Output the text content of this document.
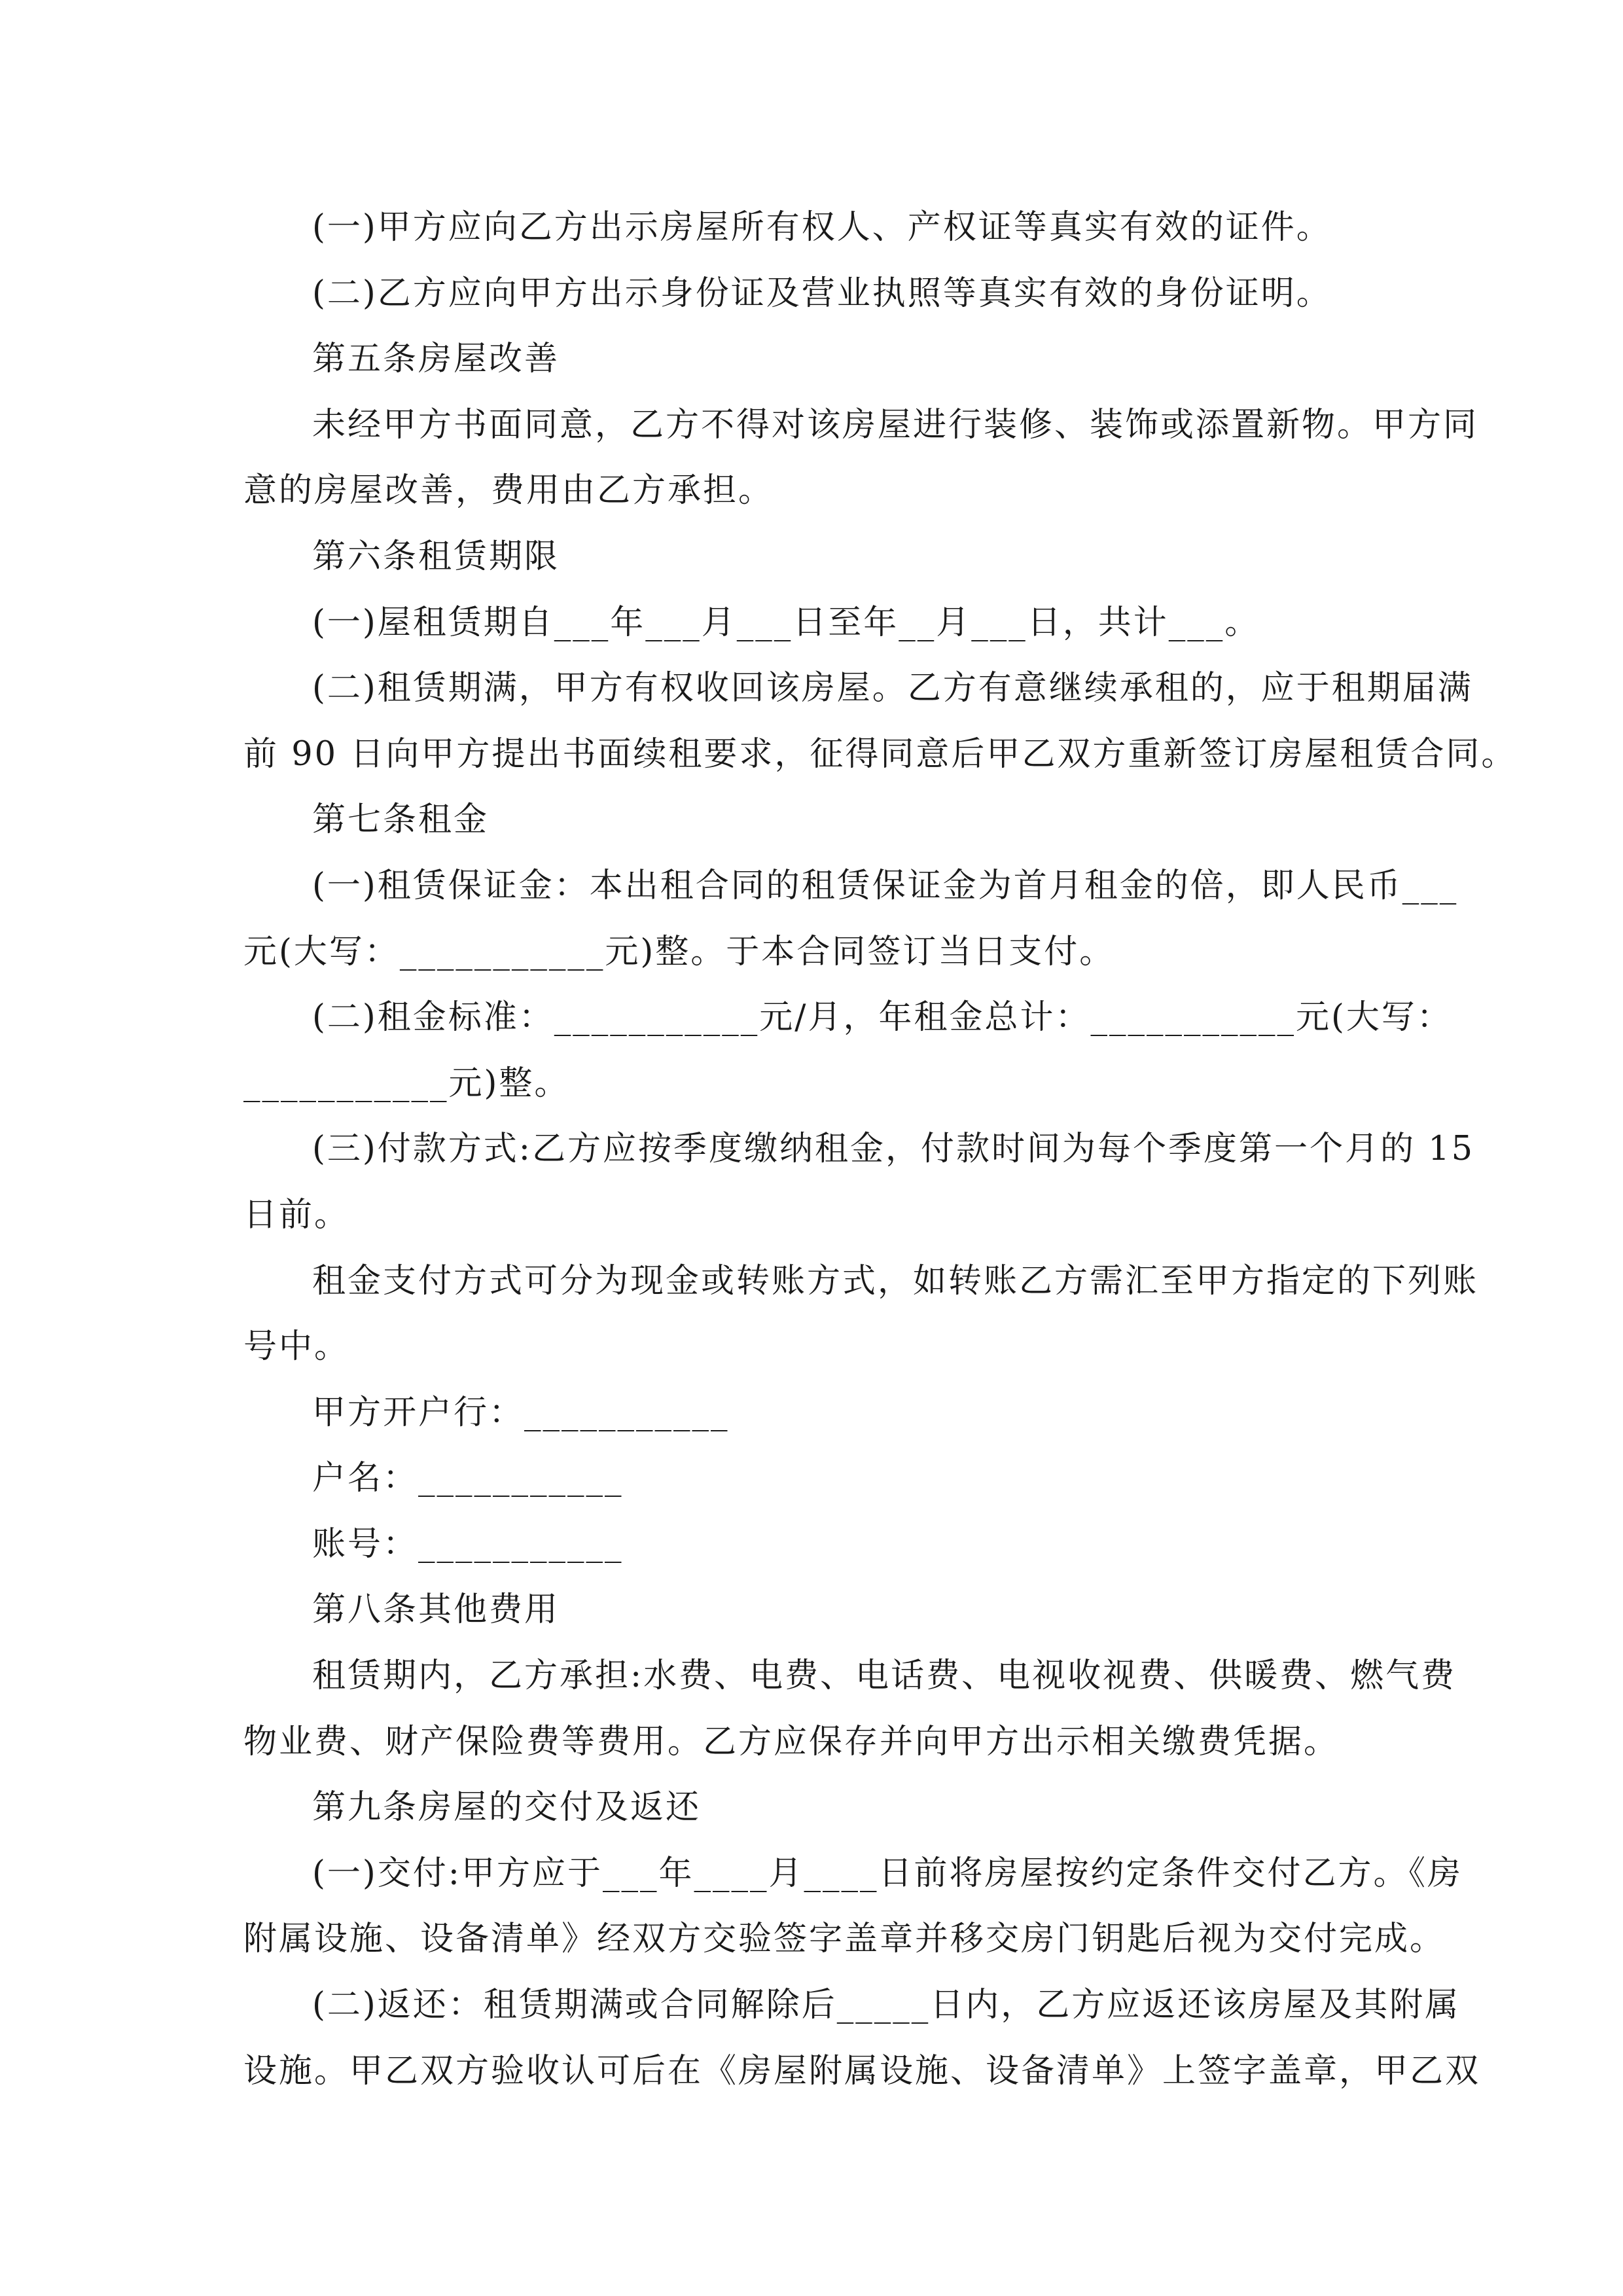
(一)甲方应向乙方出示房屋所有权人、产权证等真实有效的证件。
(二)乙方应向甲方出示身份证及营业执照等真实有效的身份证明。
第五条房屋改善
未经甲方书面同意，乙方不得对该房屋进行装修、装饰或添置新物。甲方同
意的房屋改善，费用由乙方承担。
第六条租赁期限
(一)屋租赁期自___年___月___日至年__月___日，共计___。
(二)租赁期满，甲方有权收回该房屋。乙方有意继续承租的，应于租期届满
前 90 日向甲方提出书面续租要求，征得同意后甲乙双方重新签订房屋租赁合同。
第七条租金
(一)租赁保证金：本出租合同的租赁保证金为首月租金的倍，即人民币___
元(大写：___________元)整。于本合同签订当日支付。
(二)租金标准：___________元/月，年租金总计：___________元(大写：
___________元)整。
(三)付款方式:乙方应按季度缴纳租金，付款时间为每个季度第一个月的 15
日前。
租金支付方式可分为现金或转账方式，如转账乙方需汇至甲方指定的下列账
号中。
甲方开户行：___________
户名：___________
账号：___________
第八条其他费用
租赁期内，乙方承担:水费、电费、电话费、电视收视费、供暖费、燃气费
物业费、财产保险费等费用。乙方应保存并向甲方出示相关缴费凭据。
第九条房屋的交付及返还
(一)交付:甲方应于___年____月____日前将房屋按约定条件交付乙方。《房
附属设施、设备清单》经双方交验签字盖章并移交房门钥匙后视为交付完成。
(二)返还：租赁期满或合同解除后_____日内，乙方应返还该房屋及其附属
设施。甲乙双方验收认可后在《房屋附属设施、设备清单》上签字盖章，甲乙双
